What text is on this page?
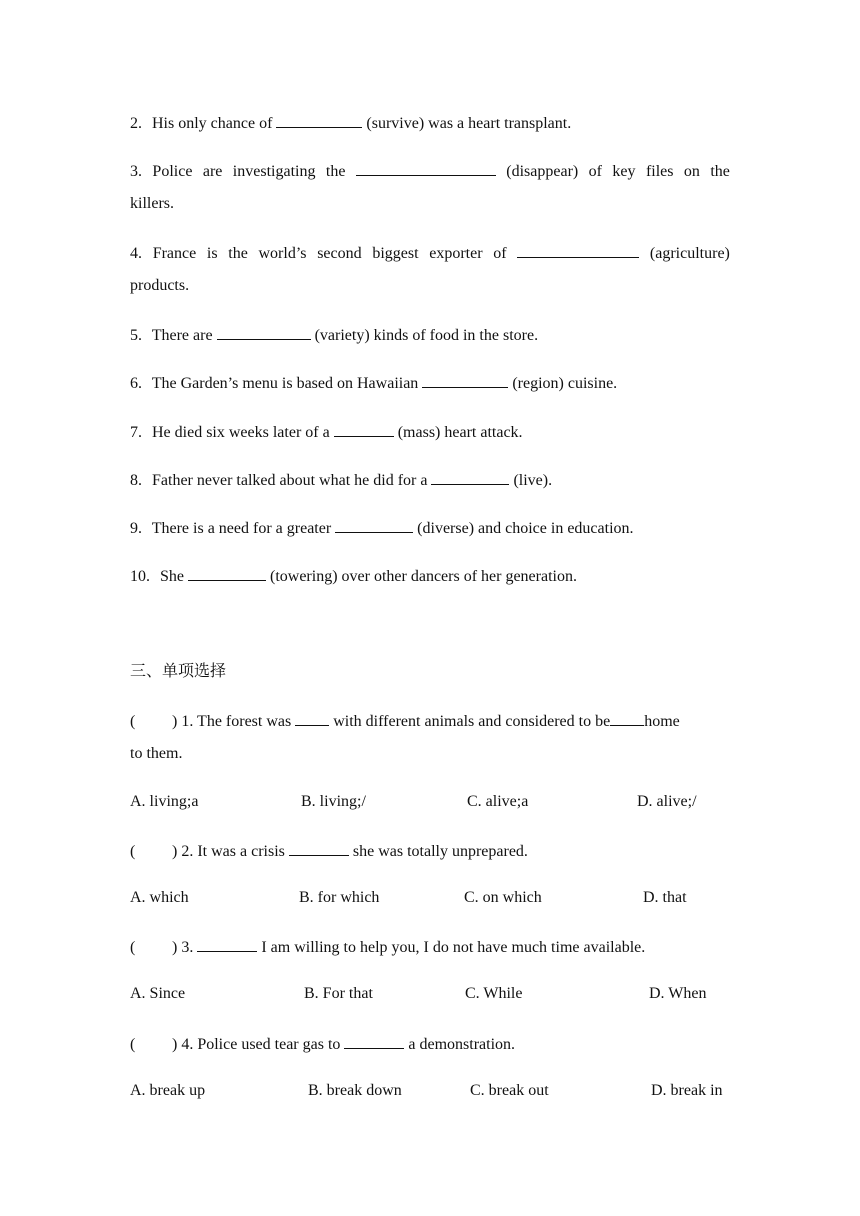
2. His only chance of	(survive) was a heart transplant.
3. Police are investigating the	(disappear) of key files on the
killers.
4. France is the world’s second biggest exporter of	(agriculture)
products.
5. There are	(variety) kinds of food in the store.
6. The Garden’s menu is based on Hawaiian	(region) cuisine.
7. He died six weeks later of a	(mass) heart attack.
8. Father never talked about what he did for a	(live).
9. There is a need for a greater	(diverse) and choice in education.
10. She	(towering) over other dancers of her generation.
三、单项选择
( ) 1. The forest was	with different animals and considered to be home
to them.
A. living;a	B. living;/	C. alive;a	D. alive;/
( ) 2. It was a crisis	she was totally unprepared.
A. which	B. for which	C. on which	D. that
( ) 3.	I am willing to help you, I do not have much time available.
A. Since	B. For that	C. While	D. When
( ) 4. Police used tear gas to	a demonstration.
A. break up	B. break down	C. break out	D. break in
